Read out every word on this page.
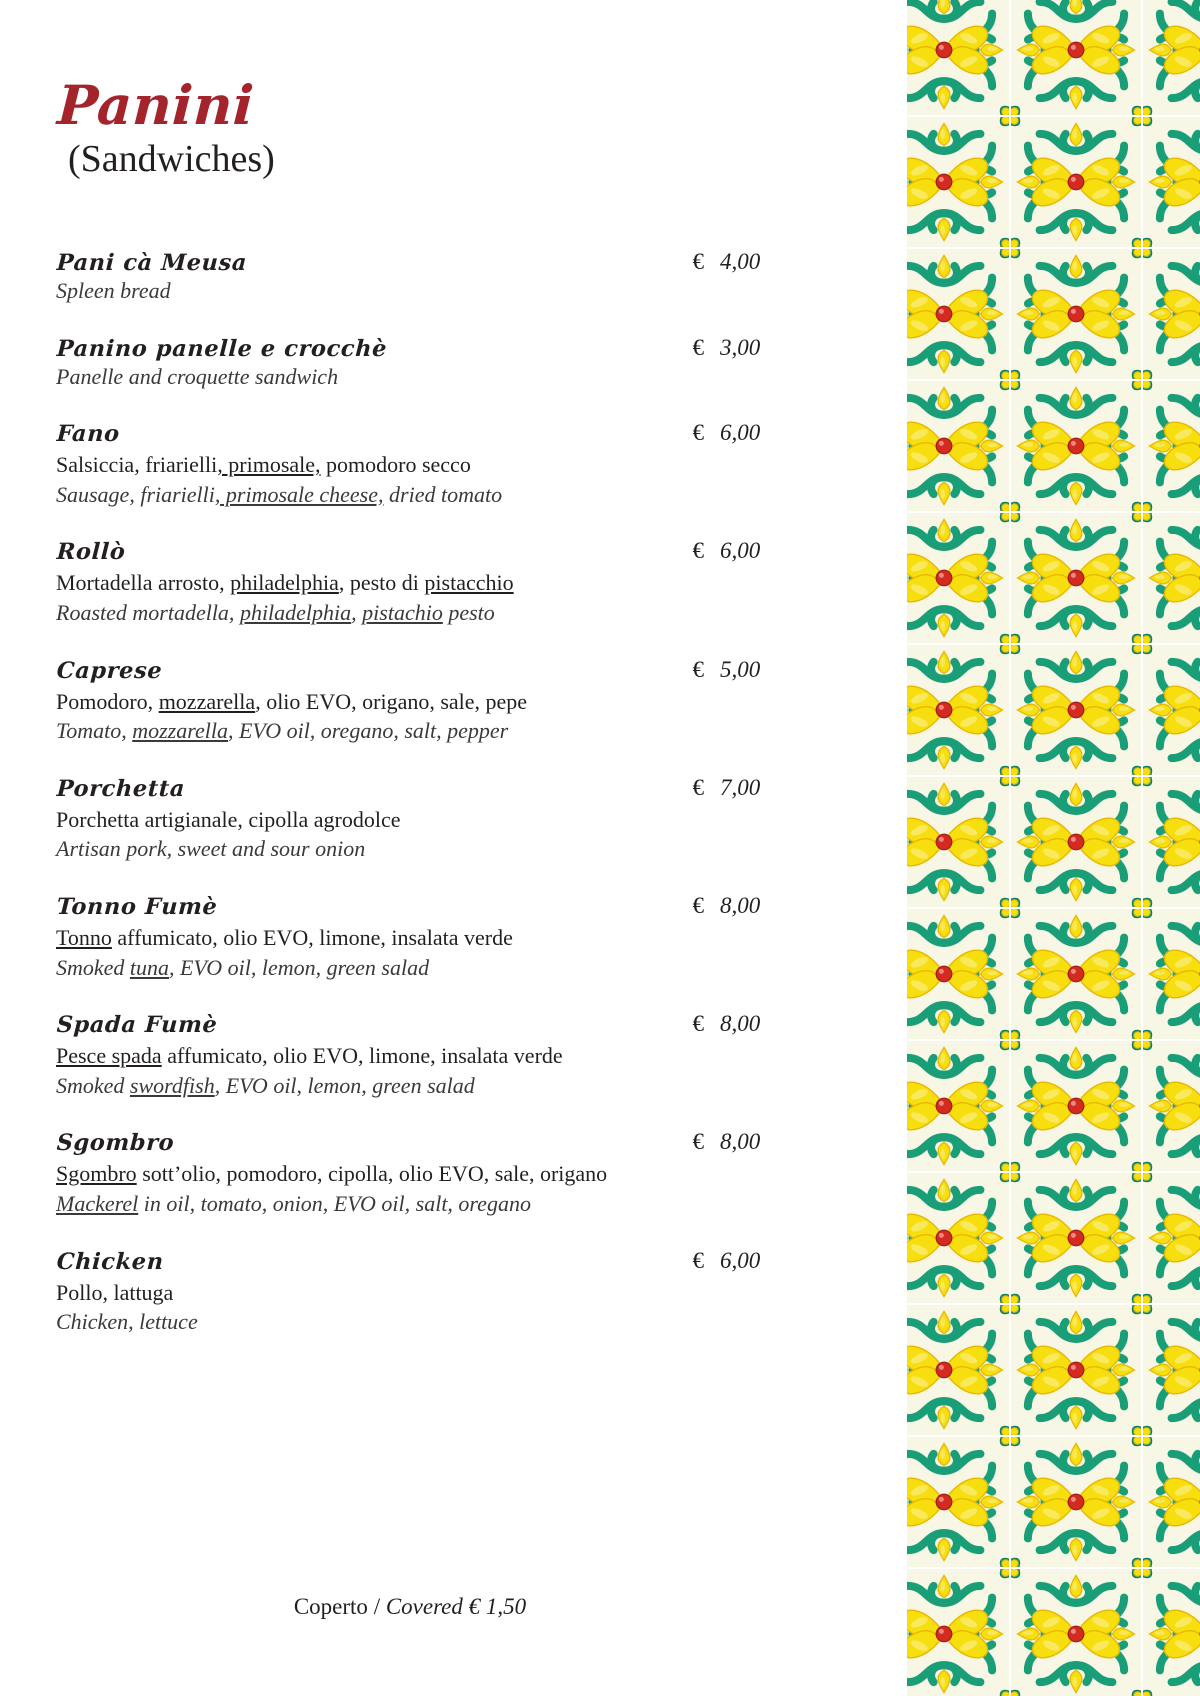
Panini
(Sandwiches)
Pani cà Meusa	€ 4,00
Spleen bread
Panino panelle e crocchè	€ 3,00
Panelle and croquette sandwich
Fano	€ 6,00
Salsiccia, friarielli, primosale, pomodoro secco
Sausage, friarielli, primosale cheese, dried tomato
Rollò	€ 6,00
Mortadella arrosto, philadelphia, pesto di pistacchio
Roasted mortadella, philadelphia, pistachio pesto
Caprese	€ 5,00
Pomodoro, mozzarella, olio EVO, origano, sale, pepe
Tomato, mozzarella, EVO oil, oregano, salt, pepper
Porchetta	€ 7,00
Porchetta artigianale, cipolla agrodolce
Artisan pork, sweet and sour onion
Tonno Fumè	€ 8,00
Tonno affumicato, olio EVO, limone, insalata verde
Smoked tuna, EVO oil, lemon, green salad
Spada Fumè	€ 8,00
Pesce spada affumicato, olio EVO, limone, insalata verde
Smoked swordfish, EVO oil, lemon, green salad
Sgombro	€ 8,00
Sgombro sott’olio, pomodoro, cipolla, olio EVO, sale, origano
Mackerel in oil, tomato, onion, EVO oil, salt, oregano
Chicken	€ 6,00
Pollo, lattuga
Chicken, lettuce
Coperto / Covered € 1,50
